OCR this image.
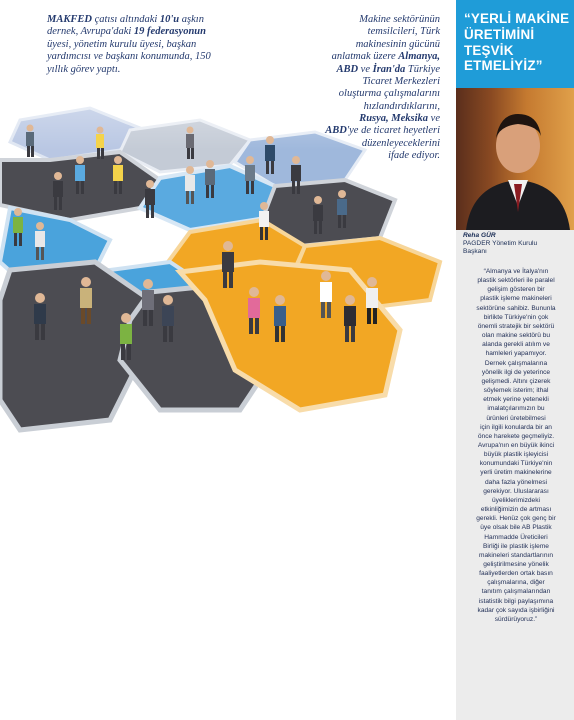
MAKFED çatısı altındaki 10'u aşkın
dernek, Avrupa'daki 19 federasyonun
üyesi, yönetim kurulu üyesi, başkan
yardımcısı ve başkanı konumunda, 150
yıllık görev yaptı.
Makine sektörünün
temsilcileri, Türk
makinesinin gücünü
anlatmak üzere Almanya,
ABD ve İran'da Türkiye
Ticaret Merkezleri
oluşturma çalışmalarını
hızlandırdıklarını,
Rusya, Meksika ve
ABD'ye de ticaret heyetleri
düzenleyeceklerini
ifade ediyor.
“YERLİ MAKİNE
ÜRETİMİNİ
TEŞVİK
ETMELİYİZ”
Reha GÜR
PAGDER Yönetim Kurulu
Başkanı
“Almanya ve İtalya'nın
plastik sektörleri ile paralel
gelişim gösteren bir
plastik işleme makineleri
sektörüne sahibiz. Bununla
birlikte Türkiye'nin çok
önemli stratejik bir sektörü
olan makine sektörü bu
alanda gerekli atılım ve
hamleleri yapamıyor.
Dernek çalışmalarına
yönelik ilgi de yeterince
gelişmedi. Altını çizerek
söylemek isterim; ithal
etmek yerine yetenekli
imalatçılarımızın bu
ürünleri üretebilmesi
için ilgili konularda bir an
önce harekete geçmeliyiz.
Avrupa'nın en büyük ikinci
büyük plastik işleyicisi
konumundaki Türkiye'nin
yerli üretim makinelerine
daha fazla yönelmesi
gerekiyor. Uluslararası
üyeliklerimizdeki
etkinliğimizin de artması
gerekli. Henüz çok genç bir
üye olsak bile AB Plastik
Hammadde Üreticileri
Birliği ile plastik işleme
makineleri standartlarının
geliştirilmesine yönelik
faaliyetlerden ortak basın
çalışmalarına, diğer
tanıtım çalışmalarından
istatistik bilgi paylaşımına
kadar çok sayıda işbirliğini
sürdürüyoruz.”
